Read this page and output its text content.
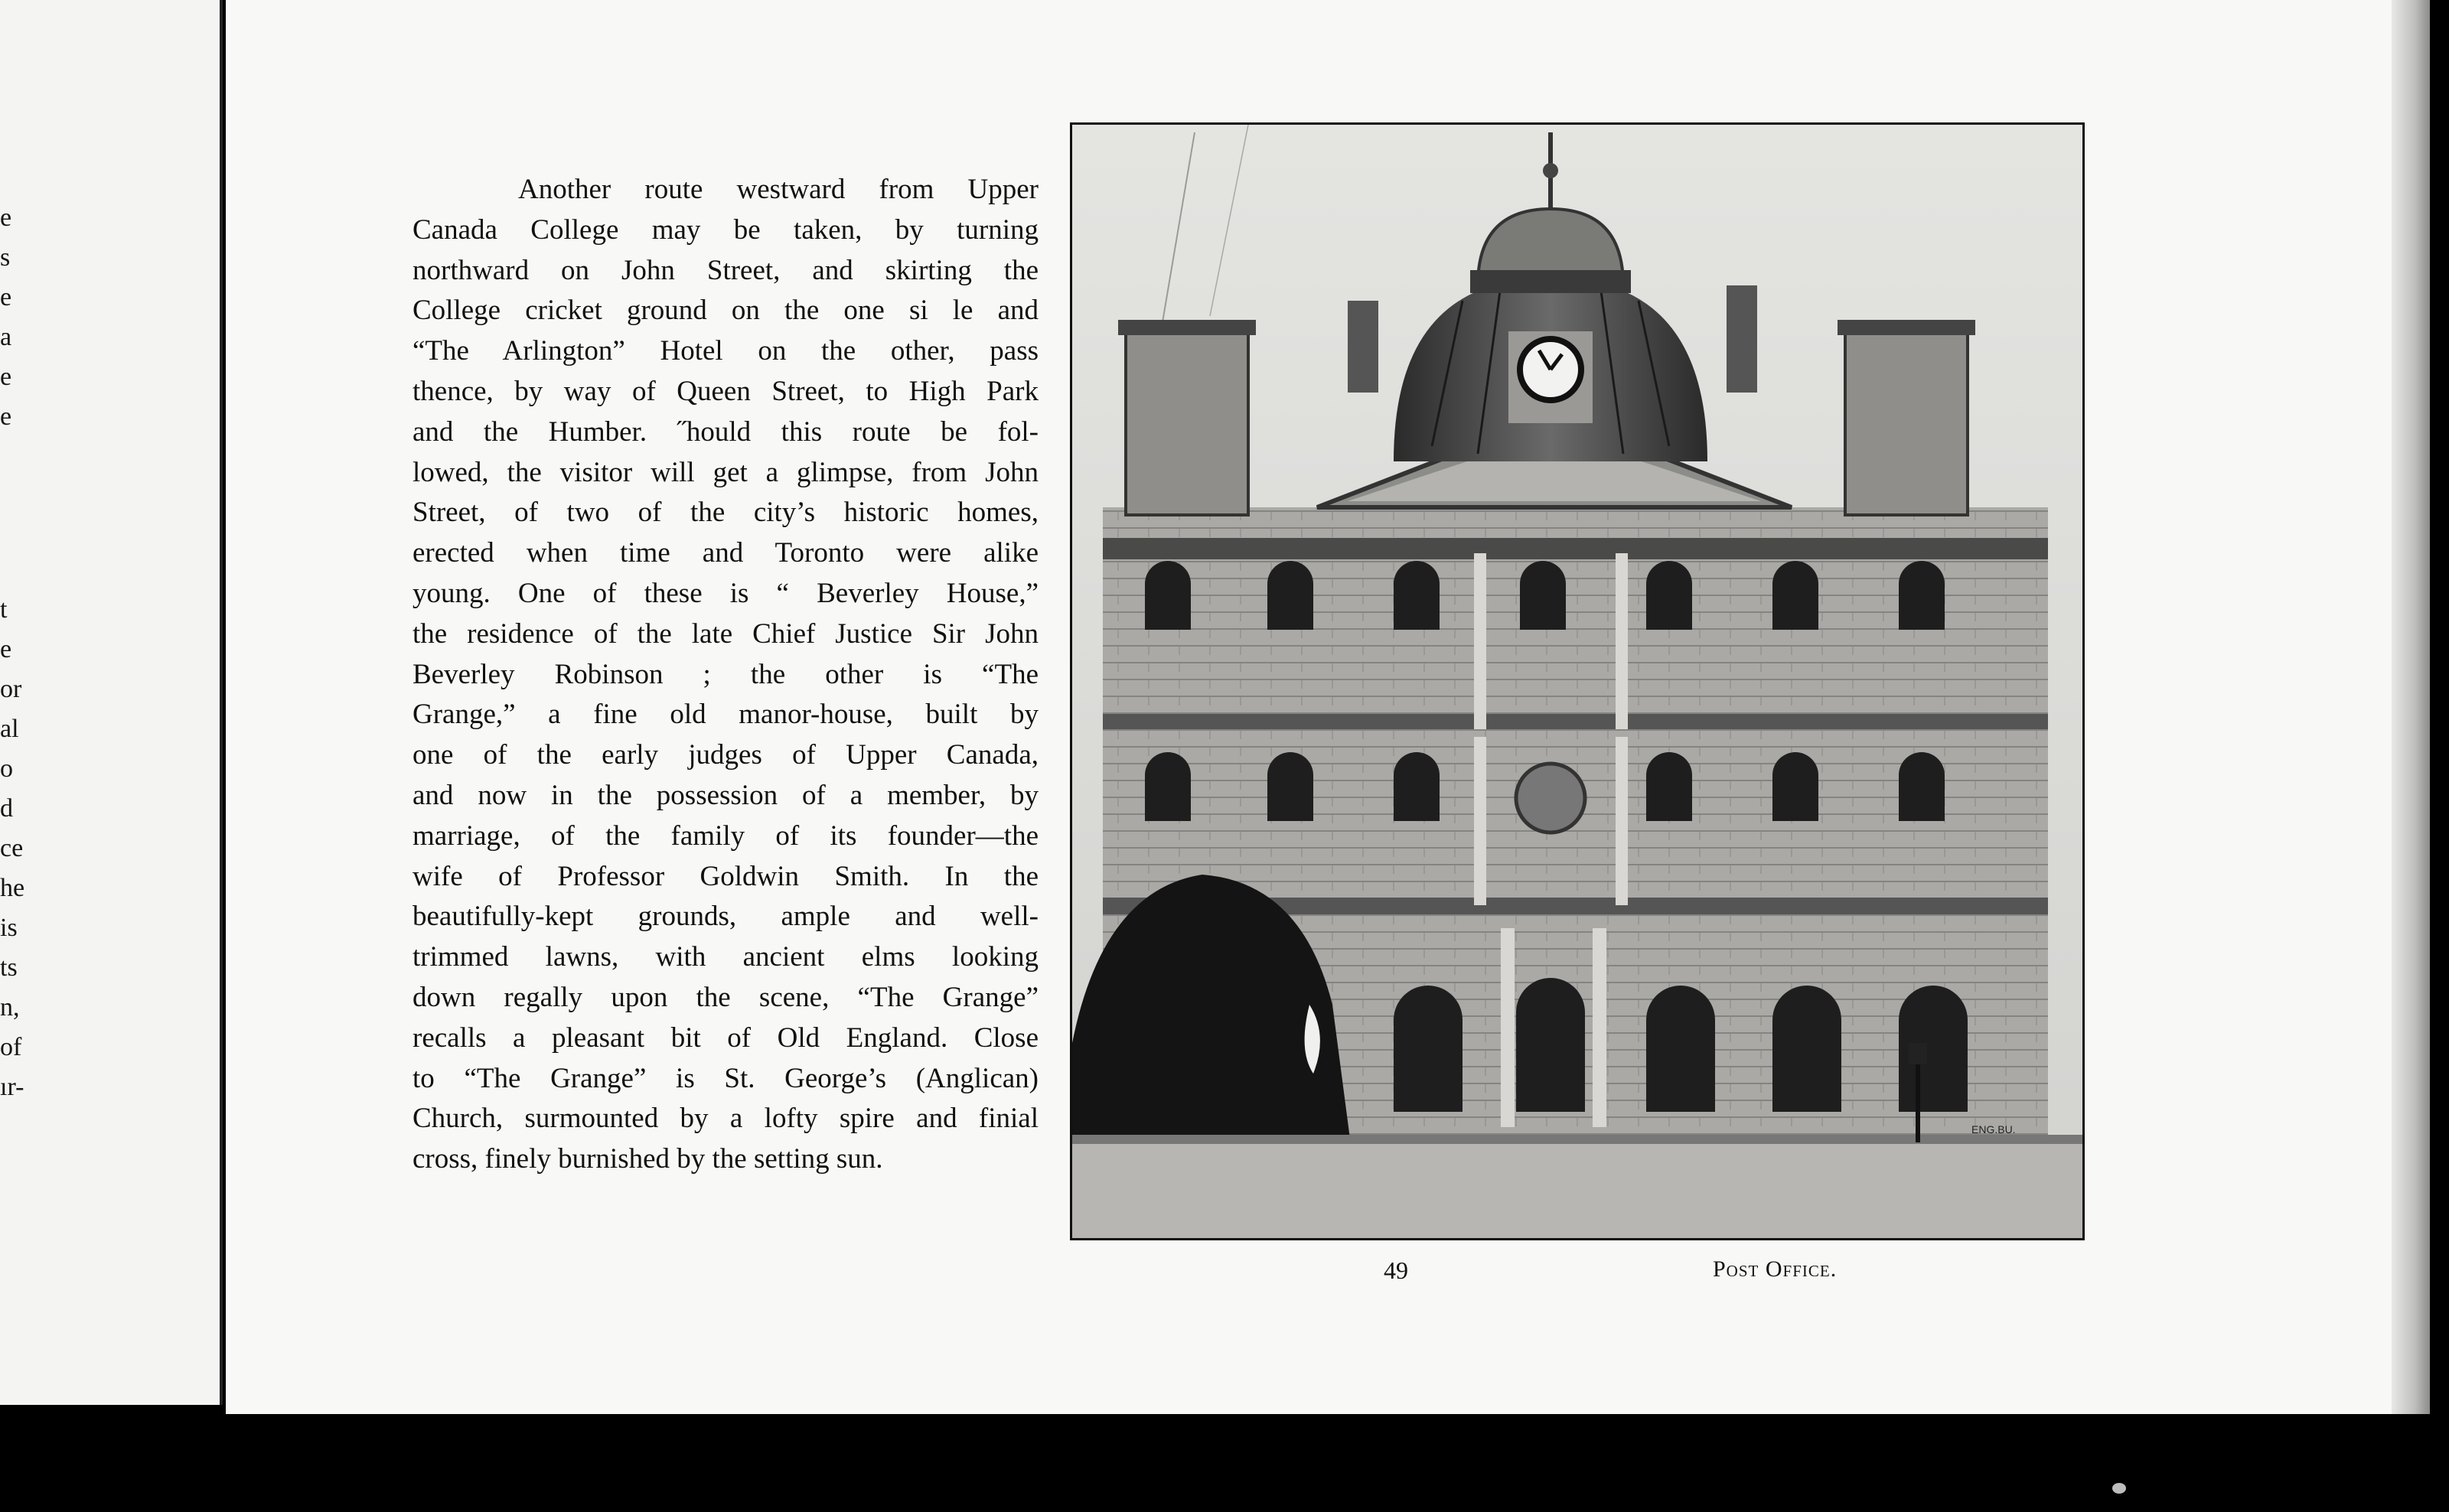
e
s
e
a
e
e
t
e
or
al
o
d
ce
he
is
ts
n,
of
ır-
Another route westward from Upper
Canada College may be taken, by turning
northward on John Street, and skirting the
College cricket ground on the one si le and
“The Arlington” Hotel on the other, pass
thence, by way of Queen Street, to High Park
and the Humber. ˝hould this route be fol-
lowed, the visitor will get a glimpse, from John
Street, of two of the city’s historic homes,
erected when time and Toronto were alike
young. One of these is “ Beverley House,”
the residence of the late Chief Justice Sir John
Beverley Robinson ; the other is “The
Grange,” a fine old manor-house, built by
one of the early judges of Upper Canada,
and now in the possession of a member, by
marriage, of the family of its founder—the
wife of Professor Goldwin Smith. In the
beautifully-kept grounds, ample and well-
trimmed lawns, with ancient elms looking
down regally upon the scene, “The Grange”
recalls a pleasant bit of Old England. Close
to “The Grange” is St. George’s (Anglican)
Church, surmounted by a lofty spire and finial
cross, finely burnished by the setting sun.
ENG.BU.
49	Post Office.
